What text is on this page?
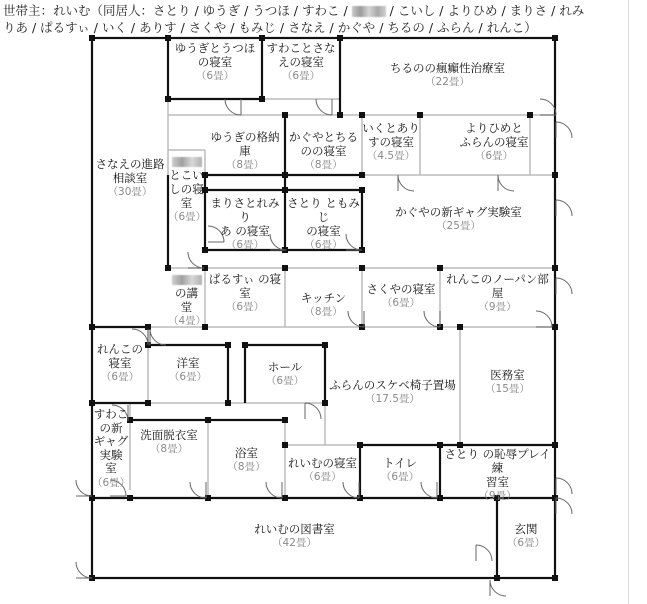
世帯主：れいむ（同居人：さとり / ゆうぎ / うつほ / すわこ /	/ こいし / よりひめ / まりさ / れみ
りあ / ぱるすぃ / いく / ありす / さくや / もみじ / さなえ / かぐや / ちるの / ふらん / れんこ）
ゆうぎとうつほ
の寝室
（6畳）
すわことさな
えの寝室
（6畳）
ちるのの瘋癲性治療室
（22畳）
さなえの進路
相談室
（30畳）
ゆうぎの格納
庫
（8畳）
かぐやとちる
のの寝室
（8畳）
いくとあり
すの寝室
（4.5畳）
よりひめと
ふらんの寝室
（6畳）

とこい
しの寝
室
（6畳）
まりさとれみり
あ の寝室
（6畳）
さとり ともみじ
の寝室
（6畳）
かぐやの新ギャグ実験室
（25畳）

の講
堂
（4畳）
ぱるすぃ の寝
室
（6畳）
キッチン
（8畳）
さくやの寝室
（6畳）
れんこのノーパン部
屋
（9畳）
れんこの
寝室
（6畳）
洋室
（6畳）
ホール
（6畳）	ふらんのスケベ椅子置場
（17.5畳）
医務室
（15畳）
すわこ
の新
ギャグ
実験
室
（6畳）
洗面脱衣室
（8畳）	浴室
（8畳）	れいむの寝室
（6畳）
トイレ
（6畳）
さとり の恥辱プレイ練
習室
（9畳）
れいむの図書室
（42畳）
玄関
（6畳）
